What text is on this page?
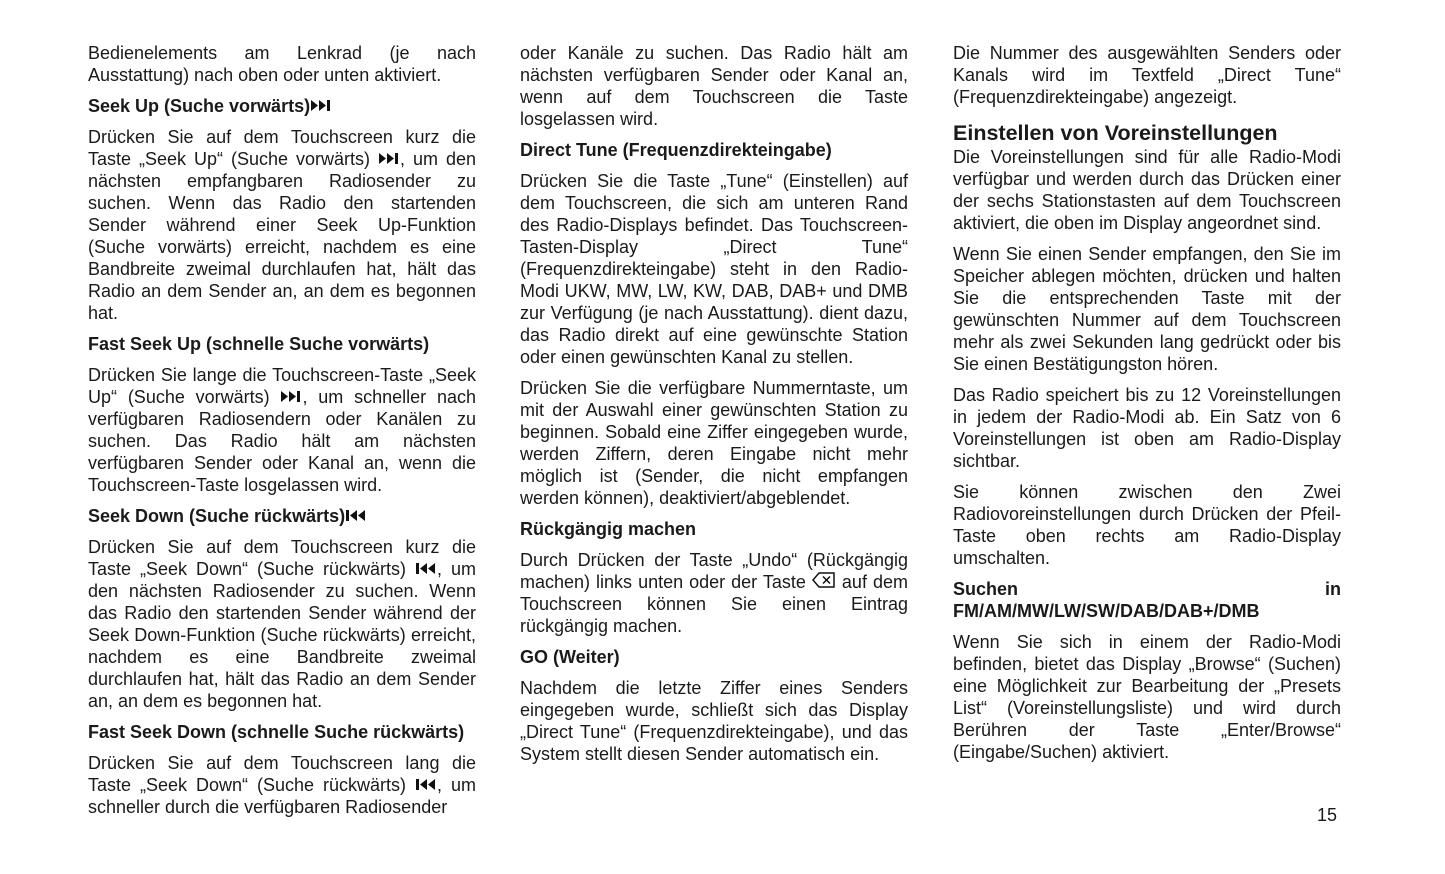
Bedienelements am Lenkrad (je nach Ausstattung) nach oben oder unten aktiviert.

Seek Up (Suche vorwärts)

Drücken Sie auf dem Touchscreen kurz die Taste „Seek Up“ (Suche vorwärts) , um den nächsten empfangbaren Radiosender zu suchen. Wenn das Radio den startenden Sender während einer Seek Up-Funktion (Suche vorwärts) erreicht, nachdem es eine Bandbreite zweimal durchlaufen hat, hält das Radio an dem Sender an, an dem es begonnen hat.

Fast Seek Up (schnelle Suche vorwärts)

Drücken Sie lange die Touchscreen-Taste „Seek Up“ (Suche vorwärts) , um schneller nach verfügbaren Radiosendern oder Kanälen zu suchen. Das Radio hält am nächsten verfügbaren Sender oder Kanal an, wenn die Touchscreen-Taste losgelassen wird.

Seek Down (Suche rückwärts)

Drücken Sie auf dem Touchscreen kurz die Taste „Seek Down“ (Suche rückwärts) , um den nächsten Radiosender zu suchen. Wenn das Radio den startenden Sender während der Seek Down-Funktion (Suche rückwärts) erreicht, nachdem es eine Bandbreite zweimal durchlaufen hat, hält das Radio an dem Sender an, an dem es begonnen hat.

Fast Seek Down (schnelle Suche rückwärts)

Drücken Sie auf dem Touchscreen lang die Taste „Seek Down“ (Suche rückwärts) , um schneller durch die verfügbaren Radiosender

oder Kanäle zu suchen. Das Radio hält am nächsten verfügbaren Sender oder Kanal an, wenn auf dem Touchscreen die Taste losgelassen wird.

Direct Tune (Frequenzdirekteingabe)

Drücken Sie die Taste „Tune“ (Einstellen) auf dem Touchscreen, die sich am unteren Rand des Radio-Displays befindet. Das Touchscreen-Tasten-Display „Direct Tune“ (Frequenzdirekteingabe) steht in den Radio-Modi UKW, MW, LW, KW, DAB, DAB+ und DMB zur Verfügung (je nach Ausstattung). dient dazu, das Radio direkt auf eine gewünschte Station oder einen gewünschten Kanal zu stellen.

Drücken Sie die verfügbare Nummerntaste, um mit der Auswahl einer gewünschten Station zu beginnen. Sobald eine Ziffer eingegeben wurde, werden Ziffern, deren Eingabe nicht mehr möglich ist (Sender, die nicht empfangen werden können), deaktiviert/abgeblendet.

Rückgängig machen

Durch Drücken der Taste „Undo“ (Rückgängig machen) links unten oder der Taste auf dem Touchscreen können Sie einen Eintrag rückgängig machen.

GO (Weiter)

Nachdem die letzte Ziffer eines Senders eingegeben wurde, schließt sich das Display „Direct Tune“ (Frequenzdirekteingabe), und das System stellt diesen Sender automatisch ein.

Die Nummer des ausgewählten Senders oder Kanals wird im Textfeld „Direct Tune“ (Frequenzdirekteingabe) angezeigt.

Einstellen von Voreinstellungen

Die Voreinstellungen sind für alle Radio-Modi verfügbar und werden durch das Drücken einer der sechs Stationstasten auf dem Touchscreen aktiviert, die oben im Display angeordnet sind.

Wenn Sie einen Sender empfangen, den Sie im Speicher ablegen möchten, drücken und halten Sie die entsprechenden Taste mit der gewünschten Nummer auf dem Touchscreen mehr als zwei Sekunden lang gedrückt oder bis Sie einen Bestätigungston hören.

Das Radio speichert bis zu 12 Voreinstellungen in jedem der Radio-Modi ab. Ein Satz von 6 Voreinstellungen ist oben am Radio-Display sichtbar.

Sie können zwischen den Zwei Radiovoreinstellungen durch Drücken der Pfeil-Taste oben rechts am Radio-Display umschalten.

Suchen in FM/AM/MW/LW/SW/DAB/DAB+/DMB

Wenn Sie sich in einem der Radio-Modi befinden, bietet das Display „Browse“ (Suchen) eine Möglichkeit zur Bearbeitung der „Presets List“ (Voreinstellungsliste) und wird durch Berühren der Taste „Enter/Browse“ (Eingabe/Suchen) aktiviert.

15
